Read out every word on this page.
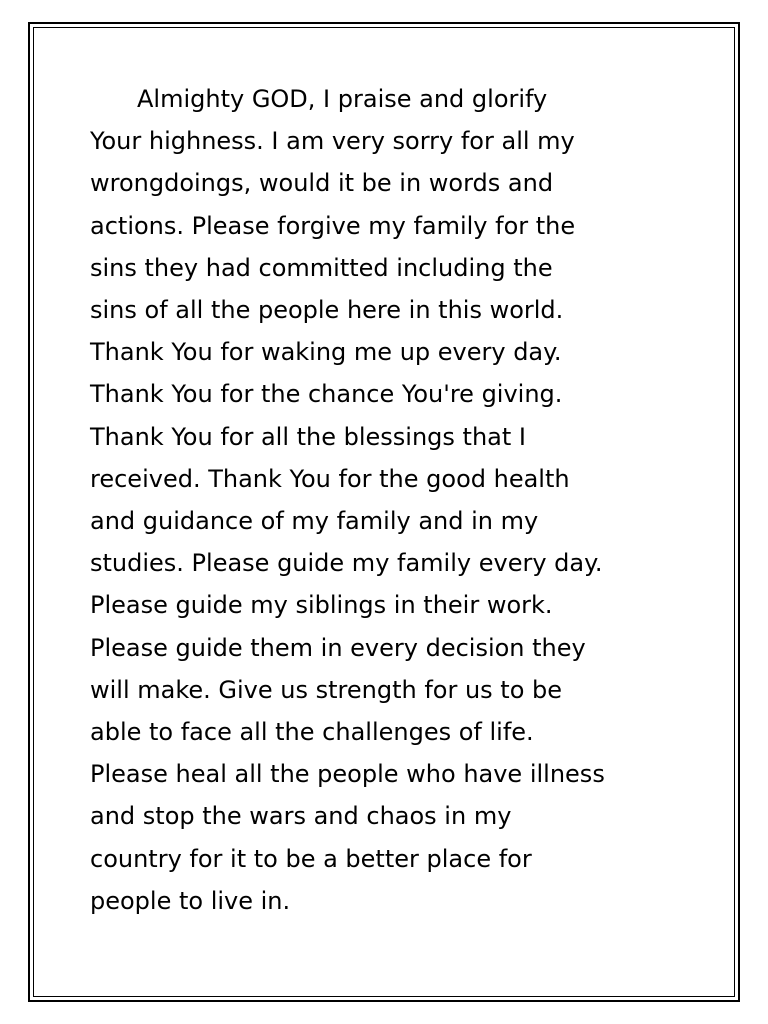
Almighty GOD, I praise and glorify
Your highness. I am very sorry for all my
wrongdoings, would it be in words and
actions. Please forgive my family for the
sins they had committed including the
sins of all the people here in this world.
Thank You for waking me up every day.
Thank You for the chance You're giving.
Thank You for all the blessings that I
received. Thank You for the good health
and guidance of my family and in my
studies. Please guide my family every day.
Please guide my siblings in their work.
Please guide them in every decision they
will make. Give us strength for us to be
able to face all the challenges of life.
Please heal all the people who have illness
and stop the wars and chaos in my
country for it to be a better place for
people to live in.
